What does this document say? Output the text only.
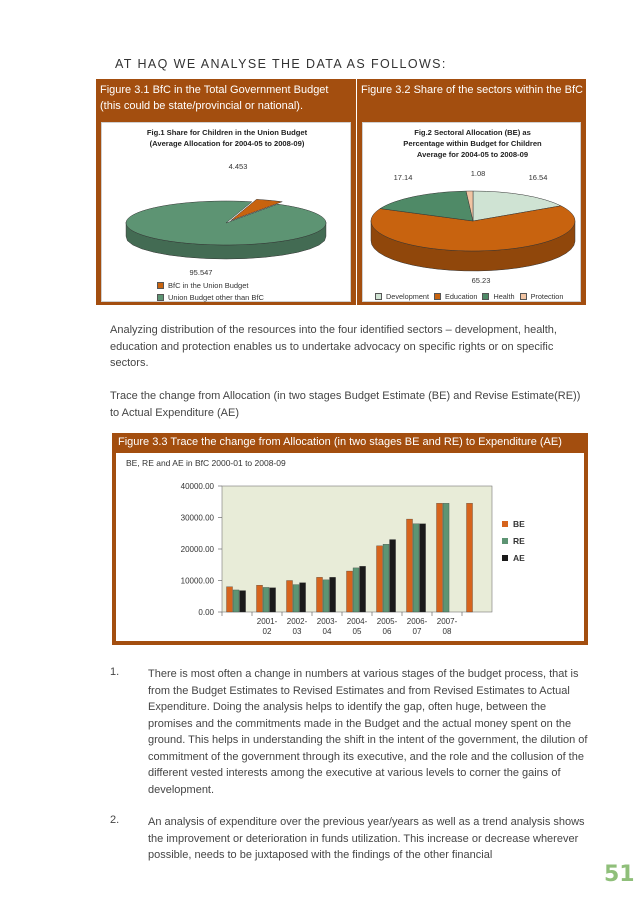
AT HAQ WE ANALYSE THE DATA AS FOLLOWS:
Figure 3.1 BfC in the Total Government Budget (this could be state/provincial or national).
Fig.1 Share for Children in the Union Budget
(Average Allocation for 2004-05 to 2008-09)
4.453
95.547
BfC in the Union Budget
Union Budget other than BfC
Figure 3.2 Share of the sectors within the BfC
Fig.2 Sectoral Allocation (BE) as
Percentage within Budget for Children
Average for 2004-05 to 2008-09
16.54
65.23
17.14	1.08
Development Education Health Protection
Analyzing distribution of the resources into the four identified sectors – development, health, education and protection enables us to undertake advocacy on specific rights or on specific sectors.
Trace the change from Allocation (in two stages Budget Estimate (BE) and Revise Estimate(RE)) to Actual Expenditure (AE)
Figure 3.3 Trace the change from Allocation (in two stages BE and RE) to Expenditure (AE)
BE, RE and AE in BfC 2000-01 to 2008-09
0.00
10000.00
20000.00
30000.00
40000.00
2001-
02
2002-
03
2003-
04
2004-
05
2005-
06
2006-
07
2007-
08
BE
RE
AE
1.	There is most often a change in numbers at various stages of the budget process, that is from the Budget Estimates to Revised Estimates and from Revised Estimates to Actual Expenditure. Doing the analysis helps to identify the gap, often huge, between the promises and the commitments made in the Budget and the actual money spent on the ground. This helps in understanding the shift in the intent of the government, the dilution of commitment of the government through its executive, and the role and the collusion of the different vested interests among the executive at various levels to corner the gains of development.
2.	An analysis of expenditure over the previous year/years as well as a trend analysis shows the improvement or deterioration in funds utilization. This increase or decrease wherever possible, needs to be juxtaposed with the findings of the other financial
51
